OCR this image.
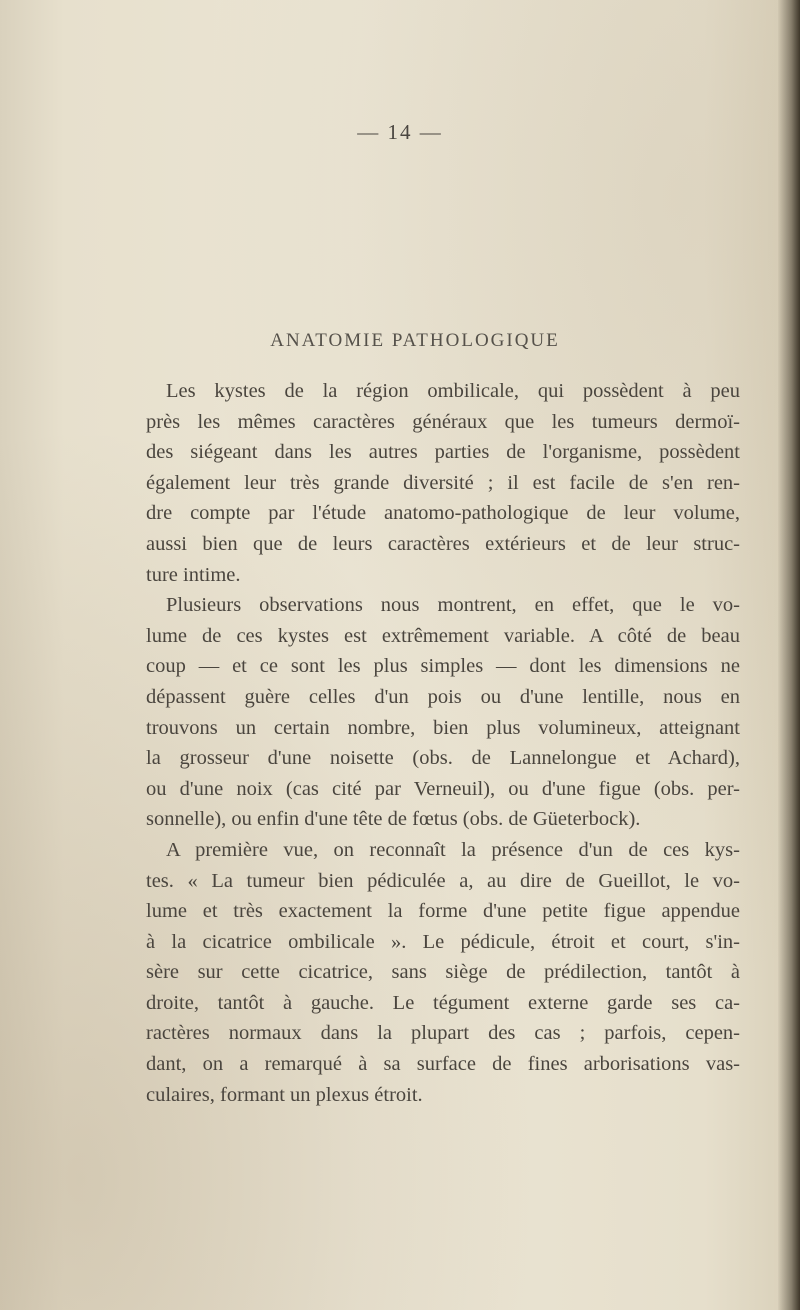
— 14 —
ANATOMIE PATHOLOGIQUE

Les kystes de la région ombilicale, qui possèdent à peu
près les mêmes caractères généraux que les tumeurs dermoï-
des siégeant dans les autres parties de l'organisme, possèdent
également leur très grande diversité ; il est facile de s'en ren-
dre compte par l'étude anatomo-pathologique de leur volume,
aussi bien que de leurs caractères extérieurs et de leur struc-
ture intime.

Plusieurs observations nous montrent, en effet, que le vo-
lume de ces kystes est extrêmement variable. A côté de beau
coup — et ce sont les plus simples — dont les dimensions ne
dépassent guère celles d'un pois ou d'une lentille, nous en
trouvons un certain nombre, bien plus volumineux, atteignant
la grosseur d'une noisette (obs. de Lannelongue et Achard),
ou d'une noix (cas cité par Verneuil), ou d'une figue (obs. per-
sonnelle), ou enfin d'une tête de fœtus (obs. de Güeterbock).

A première vue, on reconnaît la présence d'un de ces kys-
tes. « La tumeur bien pédiculée a, au dire de Gueillot, le vo-
lume et très exactement la forme d'une petite figue appendue
à la cicatrice ombilicale ». Le pédicule, étroit et court, s'in-
sère sur cette cicatrice, sans siège de prédilection, tantôt à
droite, tantôt à gauche. Le tégument externe garde ses ca-
ractères normaux dans la plupart des cas ; parfois, cepen-
dant, on a remarqué à sa surface de fines arborisations vas-
culaires, formant un plexus étroit.
